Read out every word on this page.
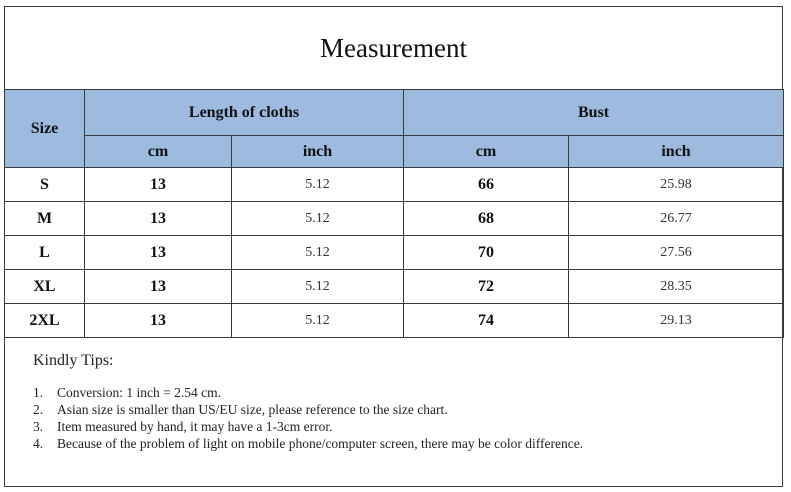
Measurement
Size	Length of cloths		Bust	
	cm	inch	cm	inch
S	13	5.12	66	25.98
M	13	5.12	68	26.77
L	13	5.12	70	27.56
XL	13	5.12	72	28.35
2XL	13	5.12	74	29.13
Kindly Tips:
1.	Conversion: 1 inch = 2.54 cm.
2.	Asian size is smaller than US/EU size, please reference to the size chart.
3.	Item measured by hand, it may have a 1-3cm error.
4.	Because of the problem of light on mobile phone/computer screen, there may be color difference.
